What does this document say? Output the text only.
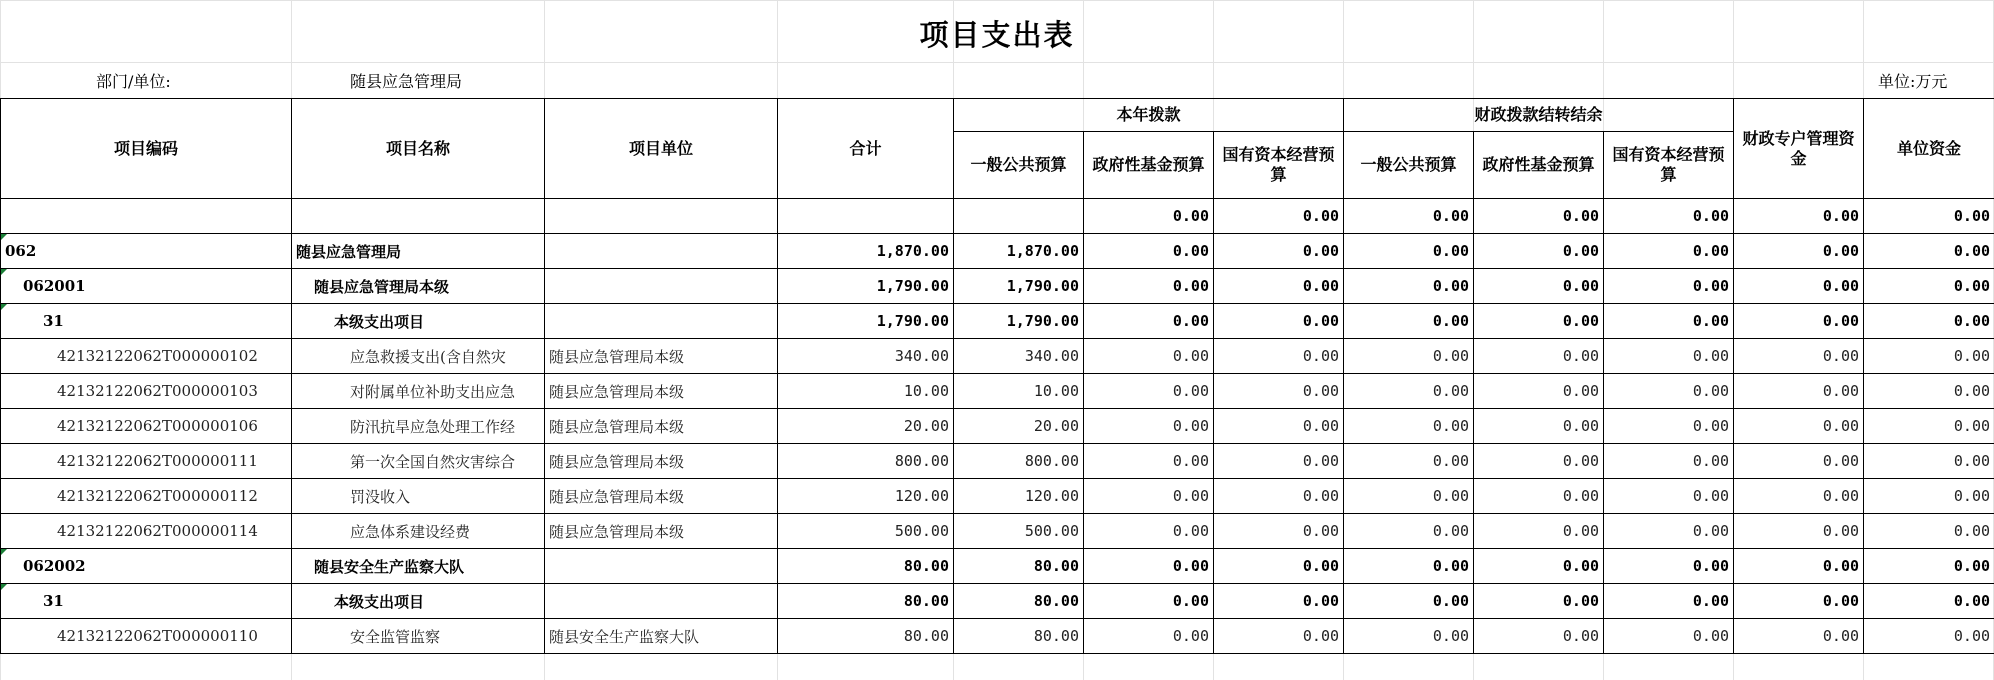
项目支出表
部门/单位:	随县应急管理局	单位:万元
项目编码	项目名称	项目单位	合计	本年拨款			财政拨款结转结余			财政专户管理资金	单位资金
				一般公共预算	政府性基金预算	国有资本经营预算	一般公共预算	政府性基金预算	国有资本经营预算		
					0.00	0.00	0.00	0.00	0.00	0.00	0.00
062	随县应急管理局		1,870.00	1,870.00	0.00	0.00	0.00	0.00	0.00	0.00	0.00
062001	随县应急管理局本级		1,790.00	1,790.00	0.00	0.00	0.00	0.00	0.00	0.00	0.00
31	本级支出项目		1,790.00	1,790.00	0.00	0.00	0.00	0.00	0.00	0.00	0.00
42132122062T000000102	应急救援支出(含自然灾	随县应急管理局本级	340.00	340.00	0.00	0.00	0.00	0.00	0.00	0.00	0.00
42132122062T000000103	对附属单位补助支出应急	随县应急管理局本级	10.00	10.00	0.00	0.00	0.00	0.00	0.00	0.00	0.00
42132122062T000000106	防汛抗旱应急处理工作经	随县应急管理局本级	20.00	20.00	0.00	0.00	0.00	0.00	0.00	0.00	0.00
42132122062T000000111	第一次全国自然灾害综合	随县应急管理局本级	800.00	800.00	0.00	0.00	0.00	0.00	0.00	0.00	0.00
42132122062T000000112	罚没收入	随县应急管理局本级	120.00	120.00	0.00	0.00	0.00	0.00	0.00	0.00	0.00
42132122062T000000114	应急体系建设经费	随县应急管理局本级	500.00	500.00	0.00	0.00	0.00	0.00	0.00	0.00	0.00
062002	随县安全生产监察大队		80.00	80.00	0.00	0.00	0.00	0.00	0.00	0.00	0.00
31	本级支出项目		80.00	80.00	0.00	0.00	0.00	0.00	0.00	0.00	0.00
42132122062T000000110	安全监管监察	随县安全生产监察大队	80.00	80.00	0.00	0.00	0.00	0.00	0.00	0.00	0.00
